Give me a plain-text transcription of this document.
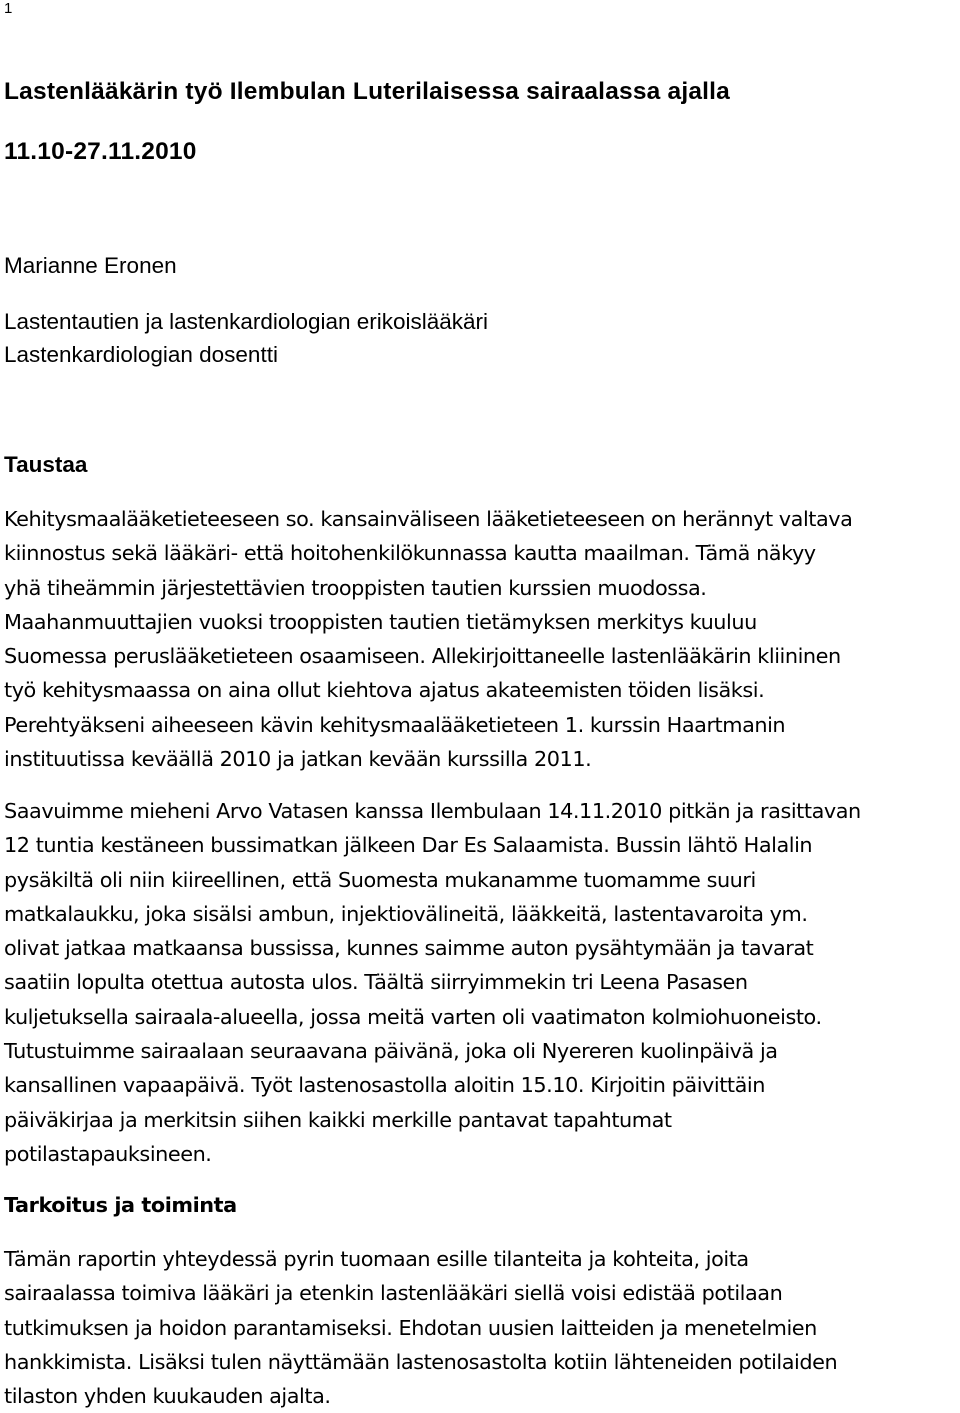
1
Lastenlääkärin työ Ilembulan Luterilaisessa sairaalassa ajalla
11.10-27.11.2010
Marianne Eronen
Lastentautien ja lastenkardiologian erikoislääkäri
Lastenkardiologian dosentti
Taustaa
Kehitysmaalääketieteeseen so. kansainväliseen lääketieteeseen on herännyt valtava
kiinnostus sekä lääkäri- että hoitohenkilökunnassa kautta maailman. Tämä näkyy
yhä tiheämmin järjestettävien trooppisten tautien kurssien muodossa.
Maahanmuuttajien vuoksi trooppisten tautien tietämyksen merkitys kuuluu
Suomessa peruslääketieteen osaamiseen. Allekirjoittaneelle lastenlääkärin kliininen
työ kehitysmaassa on aina ollut kiehtova ajatus akateemisten töiden lisäksi.
Perehtyäkseni aiheeseen kävin kehitysmaalääketieteen 1. kurssin Haartmanin
instituutissa keväällä 2010 ja jatkan kevään kurssilla 2011.
Saavuimme mieheni Arvo Vatasen kanssa Ilembulaan 14.11.2010 pitkän ja rasittavan
12 tuntia kestäneen bussimatkan jälkeen Dar Es Salaamista. Bussin lähtö Halalin
pysäkiltä oli niin kiireellinen, että Suomesta mukanamme tuomamme suuri
matkalaukku, joka sisälsi ambun, injektiovälineitä, lääkkeitä, lastentavaroita ym.
olivat jatkaa matkaansa bussissa, kunnes saimme auton pysähtymään ja tavarat
saatiin lopulta otettua autosta ulos. Täältä siirryimmekin tri Leena Pasasen
kuljetuksella sairaala-alueella, jossa meitä varten oli vaatimaton kolmiohuoneisto.
Tutustuimme sairaalaan seuraavana päivänä, joka oli Nyereren kuolinpäivä ja
kansallinen vapaapäivä. Työt lastenosastolla aloitin 15.10. Kirjoitin päivittäin
päiväkirjaa ja merkitsin siihen kaikki merkille pantavat tapahtumat
potilastapauksineen.
Tarkoitus ja toiminta
Tämän raportin yhteydessä pyrin tuomaan esille tilanteita ja kohteita, joita
sairaalassa toimiva lääkäri ja etenkin lastenlääkäri siellä voisi edistää potilaan
tutkimuksen ja hoidon parantamiseksi. Ehdotan uusien laitteiden ja menetelmien
hankkimista. Lisäksi tulen näyttämään lastenosastolta kotiin lähteneiden potilaiden
tilaston yhden kuukauden ajalta.
